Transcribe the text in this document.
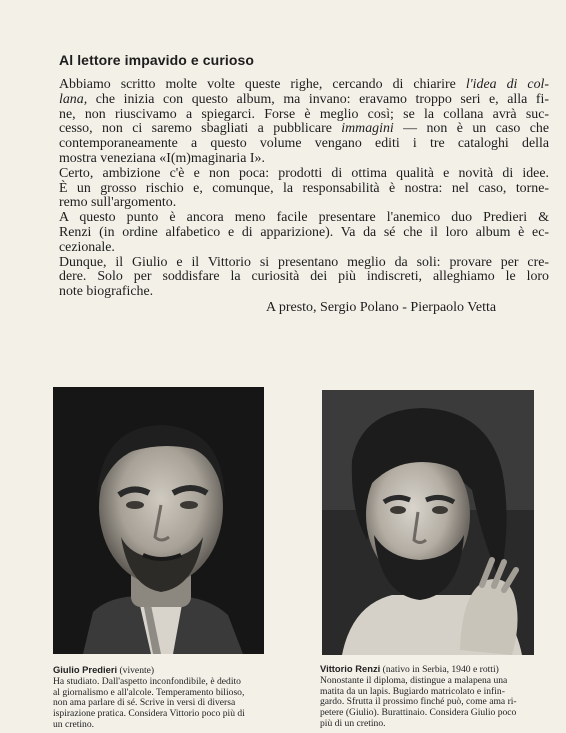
Al lettore impavido e curioso
Abbiamo scritto molte volte queste righe, cercando di chiarire l'idea di col-
lana, che inizia con questo album, ma invano: eravamo troppo seri e, alla fi-
ne, non riuscivamo a spiegarci. Forse è meglio così; se la collana avrà suc-
cesso, non ci saremo sbagliati a pubblicare immagini — non è un caso che
contemporaneamente a questo volume vengano editi i tre cataloghi della
mostra veneziana «I(m)maginaria I».
Certo, ambizione c'è e non poca: prodotti di ottima qualità e novità di idee.
È un grosso rischio e, comunque, la responsabilità è nostra: nel caso, torne-
remo sull'argomento.
A questo punto è ancora meno facile presentare l'anemico duo Predieri &
Renzi (in ordine alfabetico e di apparizione). Va da sé che il loro album è ec-
cezionale.
Dunque, il Giulio e il Vittorio si presentano meglio da soli: provare per cre-
dere. Solo per soddisfare la curiosità dei più indiscreti, alleghiamo le loro
note biografiche.
A presto, Sergio Polano - Pierpaolo Vetta
Giulio Predieri (vivente)
Ha studiato. Dall'aspetto inconfondibile, è dedito
al giornalismo e all'alcole. Temperamento bilioso,
non ama parlare di sé. Scrive in versi di diversa
ispirazione pratica. Considera Vittorio poco più di
un cretino.
Vittorio Renzi (nativo in Serbia, 1940 e rotti)
Nonostante il diploma, distingue a malapena una
matita da un lapis. Bugiardo matricolato e infin-
gardo. Sfrutta il prossimo finché può, come ama ri-
petere (Giulio). Burattinaio. Considera Giulio poco
più di un cretino.
